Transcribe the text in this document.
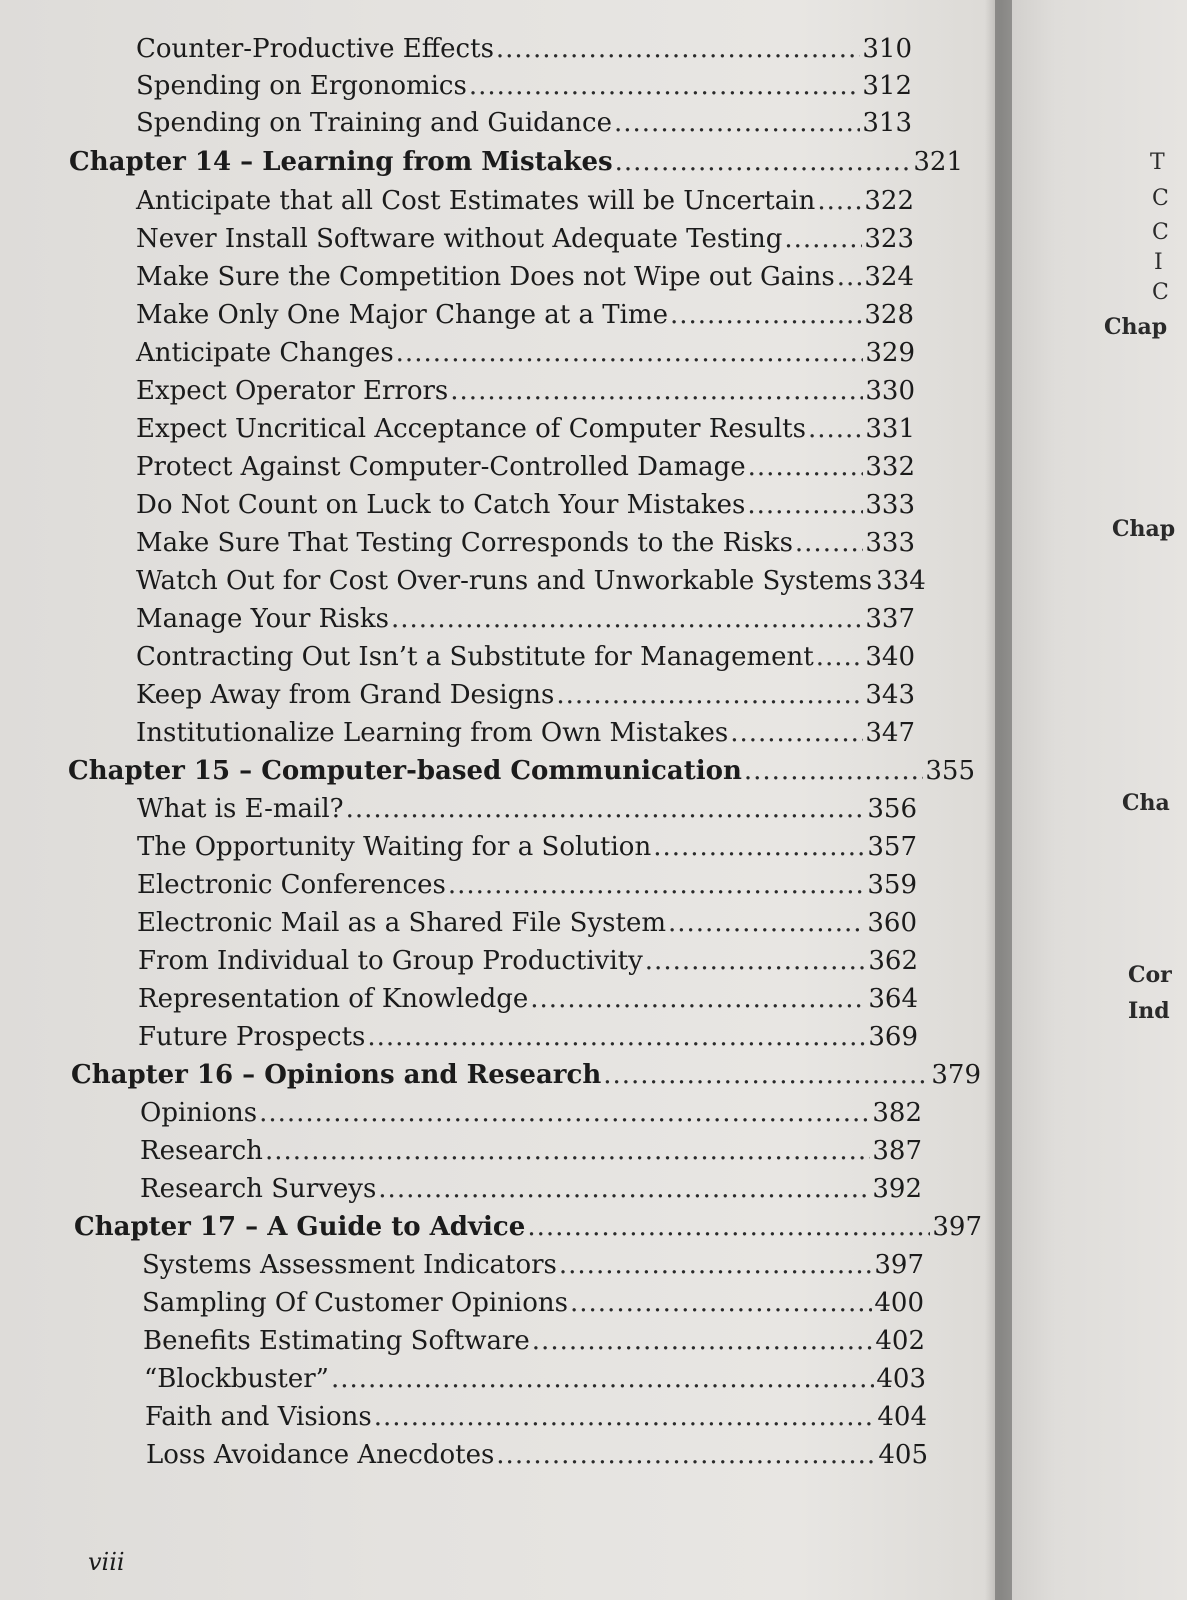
Counter-Productive Effects .....	310
Spending on Ergonomics .....	312
Spending on Training and Guidance .....	313
Chapter 14 – Learning from Mistakes .....	321
Anticipate that all Cost Estimates will be Uncertain ..... 322
Never Install Software without Adequate Testing .....	323
Make Sure the Competition Does not Wipe out Gains ..... 324
Make Only One Major Change at a Time .....	328
Anticipate Changes .....	329
Expect Operator Errors .....	330
Expect Uncritical Acceptance of Computer Results ..... 331
Protect Against Computer-Controlled Damage .....	332
Do Not Count on Luck to Catch Your Mistakes .....	333
Make Sure That Testing Corresponds to the Risks .....	333
Watch Out for Cost Over-runs and Unworkable Systems 334
Manage Your Risks .....	337
Contracting Out Isn’t a Substitute for Management ..... 340
Keep Away from Grand Designs .....	343
Institutionalize Learning from Own Mistakes .....	347
Chapter 15 – Computer-based Communication .....	355
What is E-mail? .....	356
The Opportunity Waiting for a Solution .....	357
Electronic Conferences .....	359
Electronic Mail as a Shared File System .....	360
From Individual to Group Productivity .....	362
Representation of Knowledge .....	364
Future Prospects .....	369
Chapter 16 – Opinions and Research .....	379
Opinions .....	382
Research .....	387
Research Surveys .....	392
Chapter 17 – A Guide to Advice .....	397
Systems Assessment Indicators .....	397
Sampling Of Customer Opinions .....	400
Benefits Estimating Software .....	402
“Blockbuster” .....	403
Faith and Visions .....	404
Loss Avoidance Anecdotes .....	405
viii
T
C
C
I
C
Chap
Chap
Cha
Cor
Ind
